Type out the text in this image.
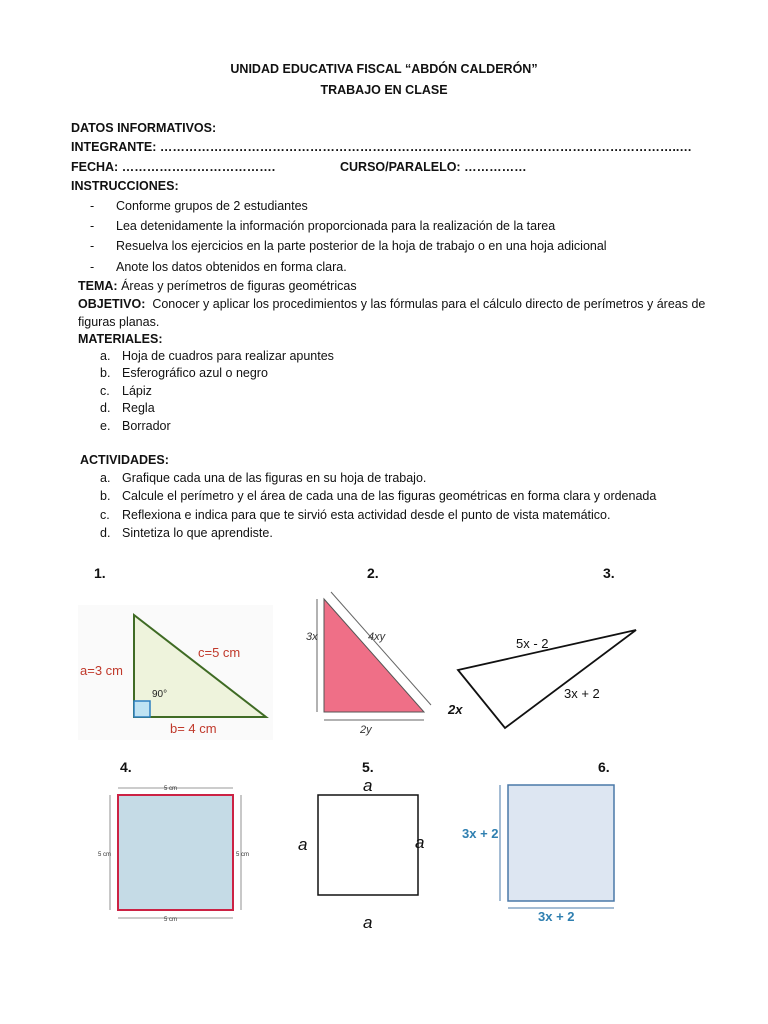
UNIDAD EDUCATIVA FISCAL “ABDÓN CALDERÓN”
TRABAJO EN CLASE
DATOS INFORMATIVOS:
INTEGRANTE: ……………………………………………………………………………………………………………..…
FECHA: ……………………………….	CURSO/PARALELO: ……………
INSTRUCCIONES:
- Conforme grupos de 2 estudiantes
- Lea detenidamente la información proporcionada para la realización de la tarea
- Resuelva los ejercicios en la parte posterior de la hoja de trabajo o en una hoja adicional
- Anote los datos obtenidos en forma clara.
TEMA: Áreas y perímetros de figuras geométricas
OBJETIVO: Conocer y aplicar los procedimientos y las fórmulas para el cálculo directo de perímetros y áreas de
figuras planas.
MATERIALES:
a. Hoja de cuadros para realizar apuntes
b. Esferográfico azul o negro
c. Lápiz
d. Regla
e. Borrador
ACTIVIDADES:
a. Grafique cada una de las figuras en su hoja de trabajo.
b. Calcule el perímetro y el área de cada una de las figuras geométricas en forma clara y ordenada
c. Reflexiona e indica para que te sirvió esta actividad desde el punto de vista matemático.
d. Sintetiza lo que aprendiste.
1.	2.	3.
4.	5.	6.
a=3 cm
c=5 cm
b= 4 cm
90°
3x	4xy
2y
5x - 2
3x + 2
2x
5 cm
5 cm
5 cm	5 cm
a
a
a	a	3x + 2
3x + 2
